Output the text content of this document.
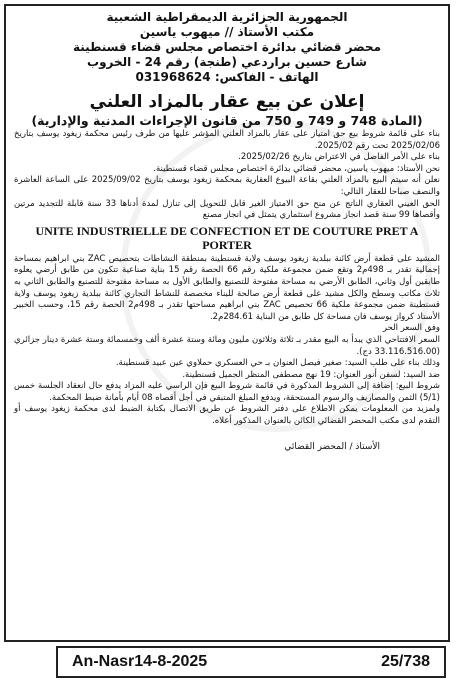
الجمهورية الجزائرية الديمقراطية الشعبية
مكتب الأستاذ // ميهوب ياسين
محضر قضائي بدائرة اختصاص مجلس قضاء قسنطينة
شارع حسين براردعي (طنجة) رقم 24 - الخروب
الهاتف - الفاكس: 031968624
إعلان عن بيع عقار بالمزاد العلني
(المادة 748 و 749 و 750 من قانون الإجراءات المدنية والإدارية)

بناء على قائمة شروط بيع حق امتياز على عقار بالمزاد العلني المؤشر عليها من طرف رئيس محكمة زيغود يوسف بتاريخ 2025/02/06 تحت رقم 2025/02.

بناء على الأمر الفاصل في الاعتراض بتاريخ 2025/02/26.

نحن الأستاذ: ميهوب ياسين، محضر قضائي بدائرة اختصاص مجلس قضاء قسنطينة.

نعلن أنه سيتم البيع بالمزاد العلني بقاعة البيوع العقارية بمحكمة زيغود يوسف بتاريخ 2025/09/02 على الساعة العاشرة والنصف صباحا للعقار التالي:

الحق العيني العقاري الناتج عن منح حق الامتياز الغير قابل للتحويل إلى تنازل لمدة أدناها 33 سنة قابلة للتجديد مرتين وأقصاها 99 سنة قصد انجاز مشروع استثماري يتمثل في انجاز مصنع

UNITE INDUSTRIELLE DE CONFECTION ET DE COUTURE PRET A PORTER

المشيد على قطعة أرض كائنة ببلدية زيغود يوسف ولاية قسنطينة بمنطقة النشاطات بتحصيص ZAC بني ابراهيم بمساحة إجمالية تقدر بـ 498م2 وتقع ضمن مجموعة ملكية رقم 66 الحصة رقم 15 بناية صناعية تتكون من طابق أرضي يعلوه طابقين أول وثاني، الطابق الأرضي به مساحة مفتوحة للتصنيع والطابق الأول به مساحة مفتوحة للتصنيع والطابق الثاني به ثلاث مكاتب وسطح والكل مشيد على قطعة أرض صالحة للبناء مخصصة للنشاط التجاري كائنة ببلدية زيغود يوسف ولاية قسنطينة ضمن مجموعة ملكية 66 تحصيص ZAC بني ابراهيم مساحتها تقدر بـ 498م2 الحصة رقم 15، وحسب الخبير الأستاذ كرواز يوسف فان مساحة كل طابق من البناية 284.61م2.

وفق السعر الحر

السعر الافتتاحي الذي يبدأ به البيع مقدر بـ ثلاثة وثلاثون مليون ومائة وستة عشرة ألف وخمسمائة وستة عشرة دينار جزائري (33.116.516.00 دج).

وذلك بناء على طلب السيد: صغير فيصل العنوان بـ حي العسكري حملاوي عين عبيد قسنطينة.

ضد السيد: لسفن أنور العنوان: 19 نهج مصطفى المنظر الجميل قسنطينة.

شروط البيع: إضافة إلى الشروط المذكورة في قائمة شروط البيع فإن الراسي عليه المزاد يدفع حال انعقاد الجلسة خمس (5/1) الثمن والمصاريف والرسوم المستحقة، ويدفع المبلغ المتبقي في أجل أقصاه 08 أيام بأمانة ضبط المحكمة.

ولمزيد من المعلومات يمكن الاطلاع على دفتر الشروط عن طريق الاتصال بكتابة الضبط لدى محكمة زيغود يوسف أو التقدم لدى مكتب المحضر القضائي الكائن بالعنوان المذكور أعلاه.

الأستاذ / المحضر القضائي
An-Nasr14-8-2025	25/738
